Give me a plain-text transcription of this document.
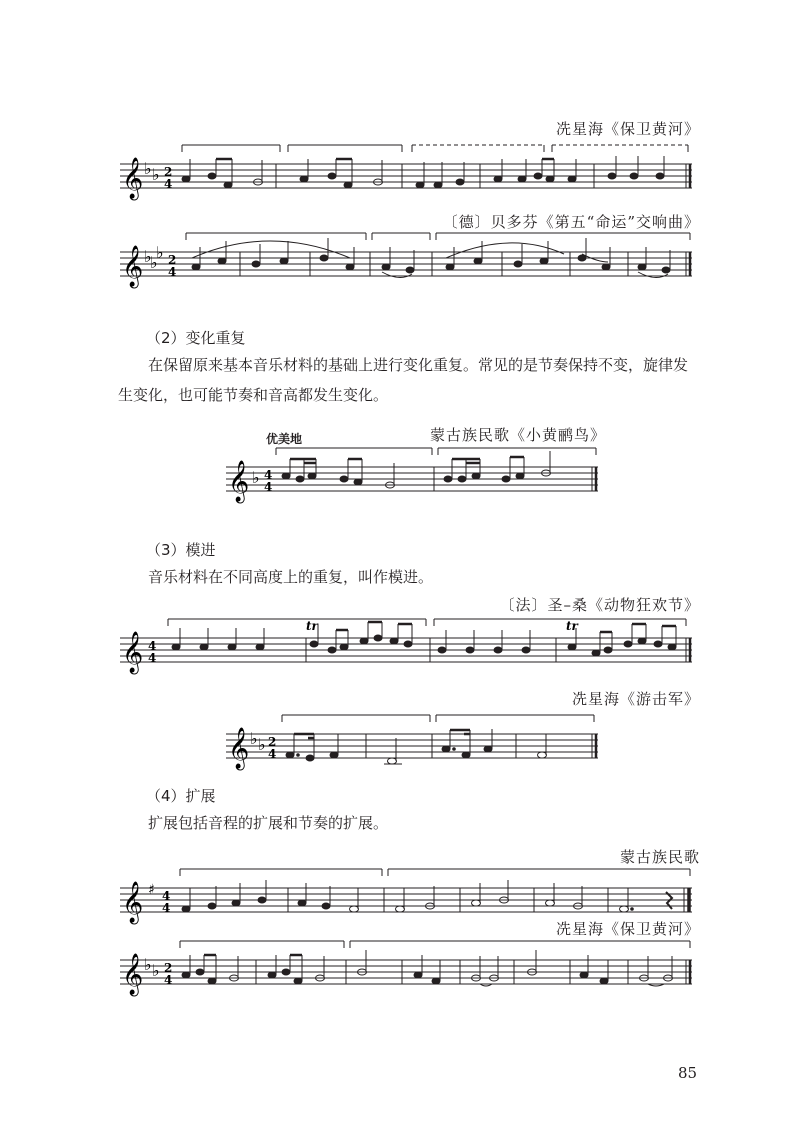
冼星海《保卫黄河》
𝄞 ♭ ♭ 2
4
〔德〕贝多芬《第五“命运”交响曲》
𝄞 ♭
♭
♭ 2
4
（2）变化重复
在保留原来基本音乐材料的基础上进行变化重复。常见的是节奏保持不变，旋律发生变化，也可能节奏和音高都发生变化。
优美地	蒙古族民歌《小黄鹂鸟》
𝄞 ♭ 4
4
（3）模进
音乐材料在不同高度上的重复，叫作模进。
〔法〕圣–桑《动物狂欢节》
𝄞 4
4
tr	tr
冼星海《游击军》
𝄞 ♭ ♭ 2
4
（4）扩展
扩展包括音程的扩展和节奏的扩展。
蒙古族民歌
𝄞 ♯ 4
4
冼星海《保卫黄河》
𝄞 ♭ ♭ 2
4
85
